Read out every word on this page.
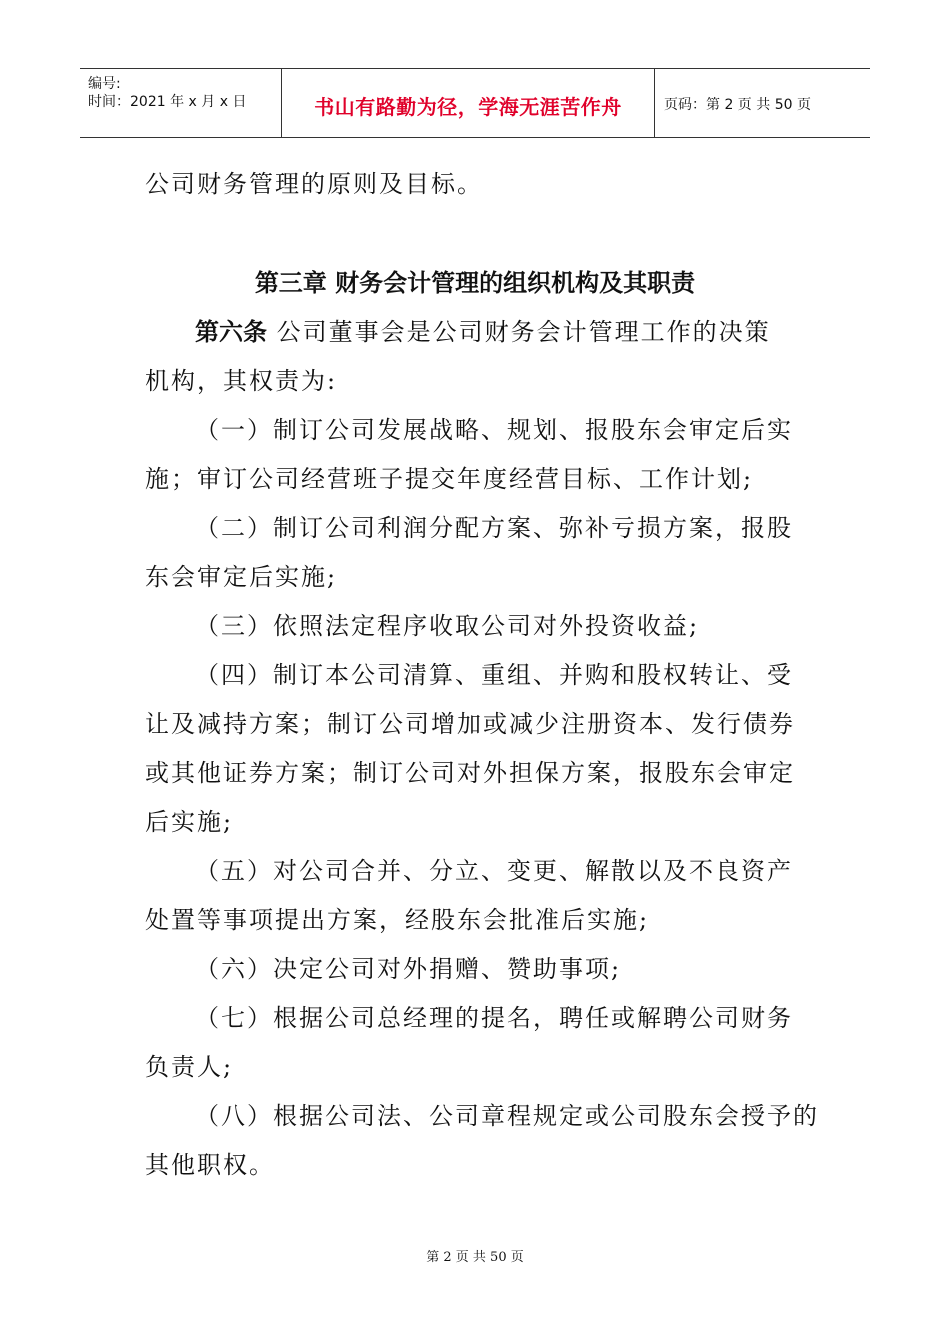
编号:
时间：2021 年 x 月 x 日	书山有路勤为径，学海无涯苦作舟	页码：第 2 页 共 50 页
公司财务管理的原则及目标。
第三章 财务会计管理的组织机构及其职责
第六条 公司董事会是公司财务会计管理工作的决策
机构，其权责为:
（一）制订公司发展战略、规划、报股东会审定后实
施；审订公司经营班子提交年度经营目标、工作计划;
（二）制订公司利润分配方案、弥补亏损方案，报股
东会审定后实施;
（三）依照法定程序收取公司对外投资收益;
（四）制订本公司清算、重组、并购和股权转让、受
让及减持方案；制订公司增加或减少注册资本、发行债券
或其他证券方案；制订公司对外担保方案，报股东会审定
后实施;
（五）对公司合并、分立、变更、解散以及不良资产
处置等事项提出方案，经股东会批准后实施;
（六）决定公司对外捐赠、赞助事项;
（七）根据公司总经理的提名，聘任或解聘公司财务
负责人;
（八）根据公司法、公司章程规定或公司股东会授予的
其他职权。
第 2 页 共 50 页
